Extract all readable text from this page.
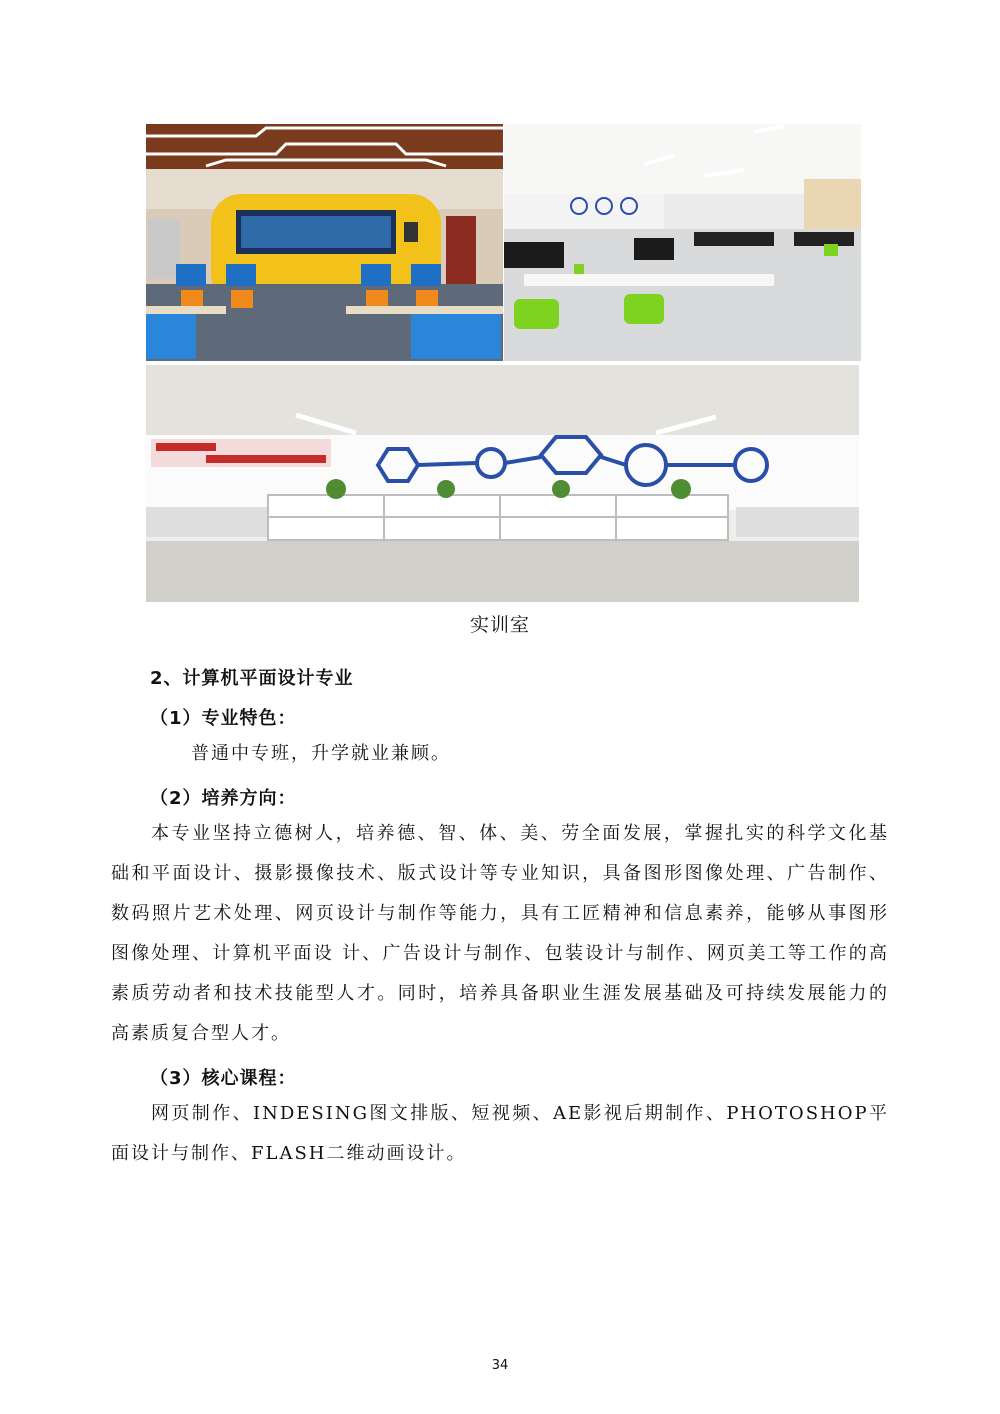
实训室
2、计算机平面设计专业
（1）专业特色：
普通中专班，升学就业兼顾。
（2）培养方向：
本专业坚持立德树人，培养德、智、体、美、劳全面发展，掌握扎实的科学文化基础和平面设计、摄影摄像技术、版式设计等专业知识，具备图形图像处理、广告制作、数码照片艺术处理、网页设计与制作等能力，具有工匠精神和信息素养，能够从事图形图像处理、计算机平面设 计、广告设计与制作、包装设计与制作、网页美工等工作的高素质劳动者和技术技能型人才。同时，培养具备职业生涯发展基础及可持续发展能力的高素质复合型人才。
（3）核心课程：
网页制作、INDESING图文排版、短视频、AE影视后期制作、PHOTOSHOP平面设计与制作、FLASH二维动画设计。
34
